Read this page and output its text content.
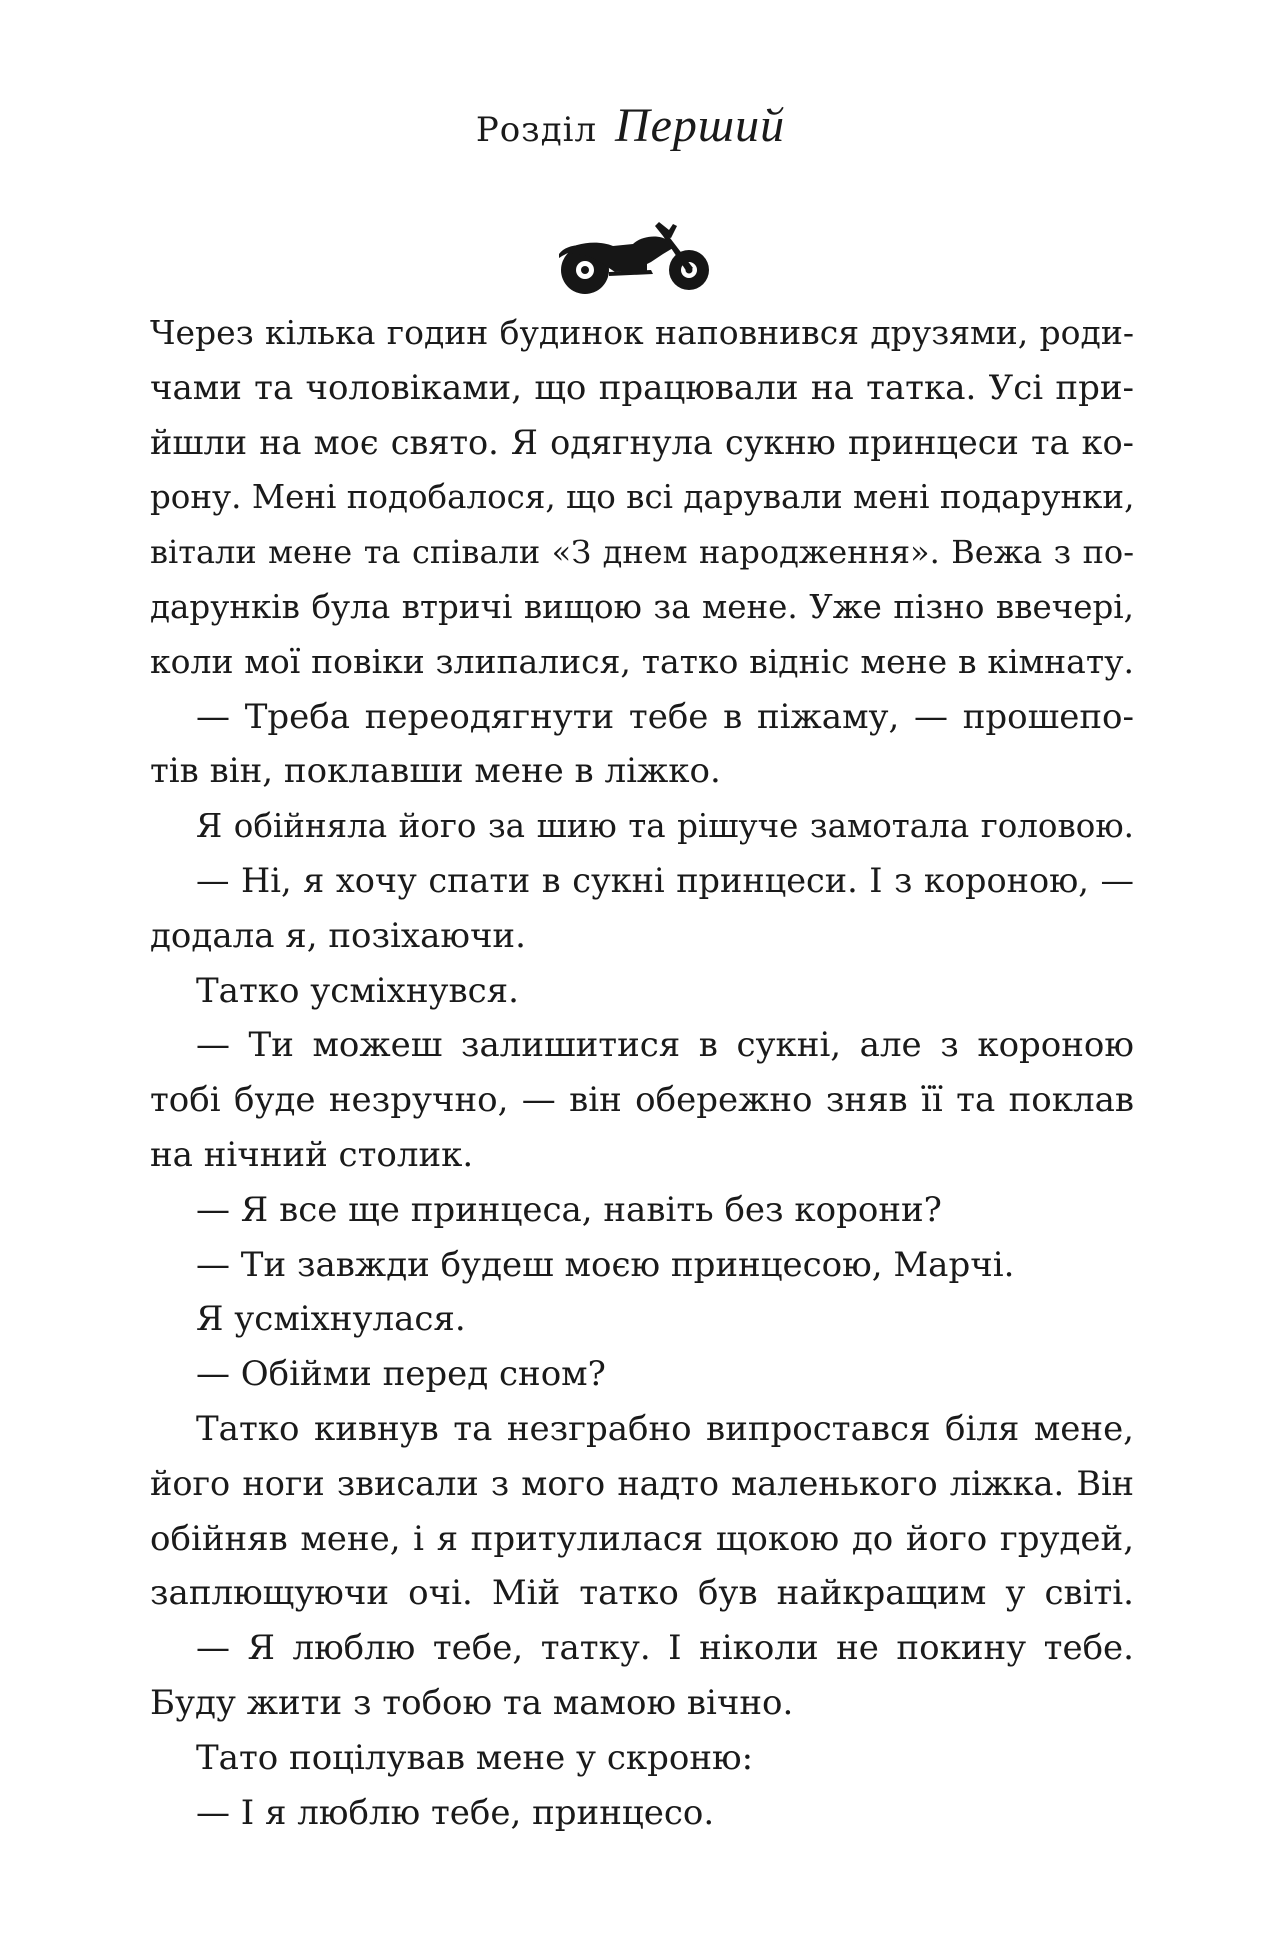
Розділ Перший
Через кілька годин будинок наповнився друзями, роди-
чами та чоловіками, що працювали на татка. Усі при-
йшли на моє свято. Я одягнула сукню принцеси та ко-
рону. Мені подобалося, що всі дарували мені подарунки,
вітали мене та співали «З днем народження». Вежа з по-
дарунків була втричі вищою за мене. Уже пізно ввечері,
коли мої повіки злипалися, татко відніс мене в кімнату.
— Треба переодягнути тебе в піжаму, — прошепо-
тів він, поклавши мене в ліжко.
Я обійняла його за шию та рішуче замотала головою.
— Ні, я хочу спати в сукні принцеси. І з короною, —
додала я, позіхаючи.
Татко усміхнувся.
— Ти можеш залишитися в сукні, але з короною
тобі буде незручно, — він обережно зняв її та поклав
на нічний столик.
— Я все ще принцеса, навіть без корони?
— Ти завжди будеш моєю принцесою, Марчі.
Я усміхнулася.
— Обійми перед сном?
Татко кивнув та незграбно випростався біля мене,
його ноги звисали з мого надто маленького ліжка. Він
обійняв мене, і я притулилася щокою до його грудей,
заплющуючи очі. Мій татко був найкращим у світі.
— Я люблю тебе, татку. І ніколи не покину тебе.
Буду жити з тобою та мамою вічно.
Тато поцілував мене у скроню:
— І я люблю тебе, принцесо.
